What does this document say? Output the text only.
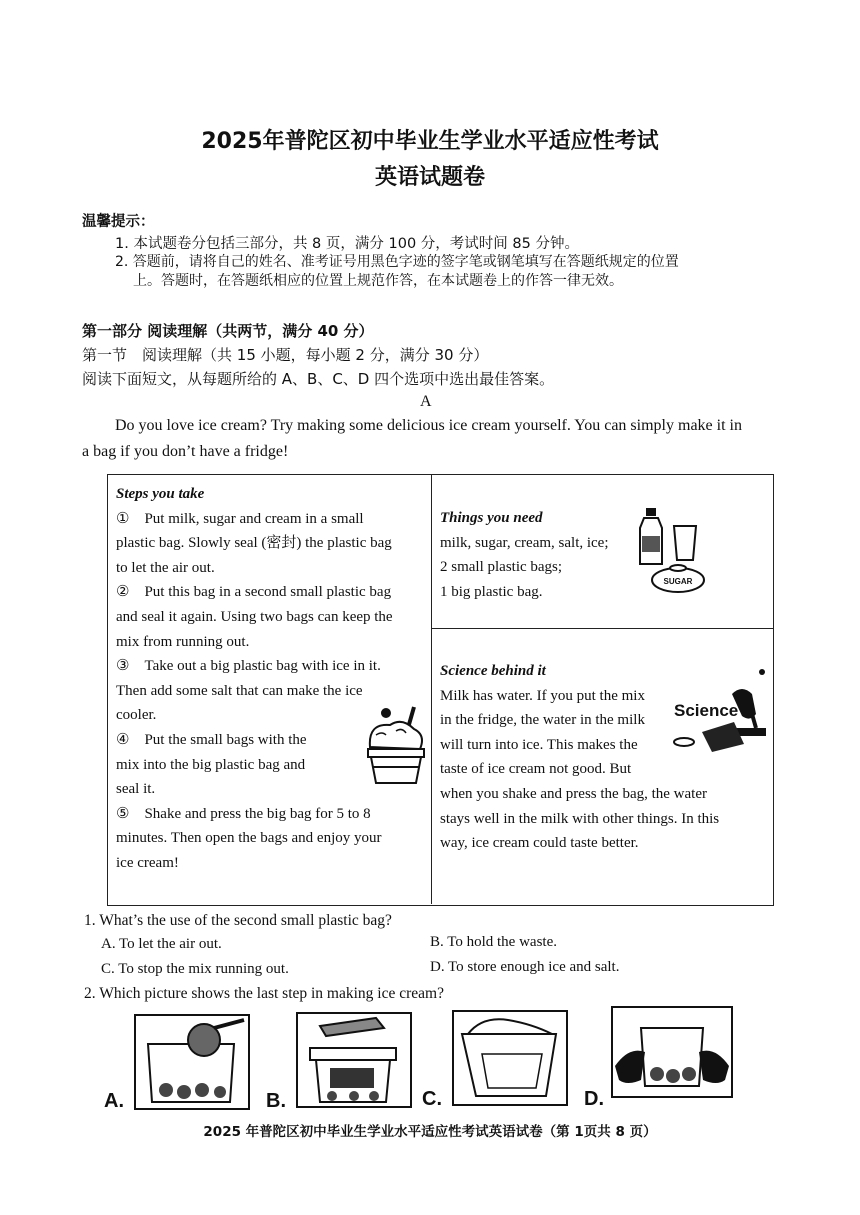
2025年普陀区初中毕业生学业水平适应性考试
英语试题卷
温馨提示：
1. 本试题卷分包括三部分，共 8 页，满分 100 分，考试时间 85 分钟。
2. 答题前，请将自己的姓名、准考证号用黑色字迹的签字笔或钢笔填写在答题纸规定的位置
上。答题时，在答题纸相应的位置上规范作答，在本试题卷上的作答一律无效。
第一部分 阅读理解（共两节，满分 40 分）
第一节　阅读理解（共 15 小题，每小题 2 分，满分 30 分）
阅读下面短文，从每题所给的 A、B、C、D 四个选项中选出最佳答案。
A
Do you love ice cream? Try making some delicious ice cream yourself. You can simply make it in
a bag if you don’t have a fridge!
Steps you take
①　Put milk, sugar and cream in a small
plastic bag. Slowly seal (密封) the plastic bag
to let the air out.
②　Put this bag in a second small plastic bag
and seal it again. Using two bags can keep the
mix from running out.
③　Take out a big plastic bag with ice in it.
Then add some salt that can make the ice
cooler.
④　Put the small bags with the
mix into the big plastic bag and
seal it.
⑤　Shake and press the big bag for 5 to 8
minutes. Then open the bags and enjoy your
ice cream!
Things you need
milk, sugar, cream, salt, ice;
2 small plastic bags;
1 big plastic bag.
SUGAR
Science behind it
Milk has water. If you put the mix
in the fridge, the water in the milk
will turn into ice. This makes the
taste of ice cream not good. But
when you shake and press the bag, the water
stays well in the milk with other things. In this
way, ice cream could taste better.
Science
1. What’s the use of the second small plastic bag?
A. To let the air out.	B. To hold the waste.
C. To stop the mix running out.	D. To store enough ice and salt.
2. Which picture shows the last step in making ice cream?
A.	B.	C.	D.
2025 年普陀区初中毕业生学业水平适应性考试英语试卷（第 1页共 8 页）
